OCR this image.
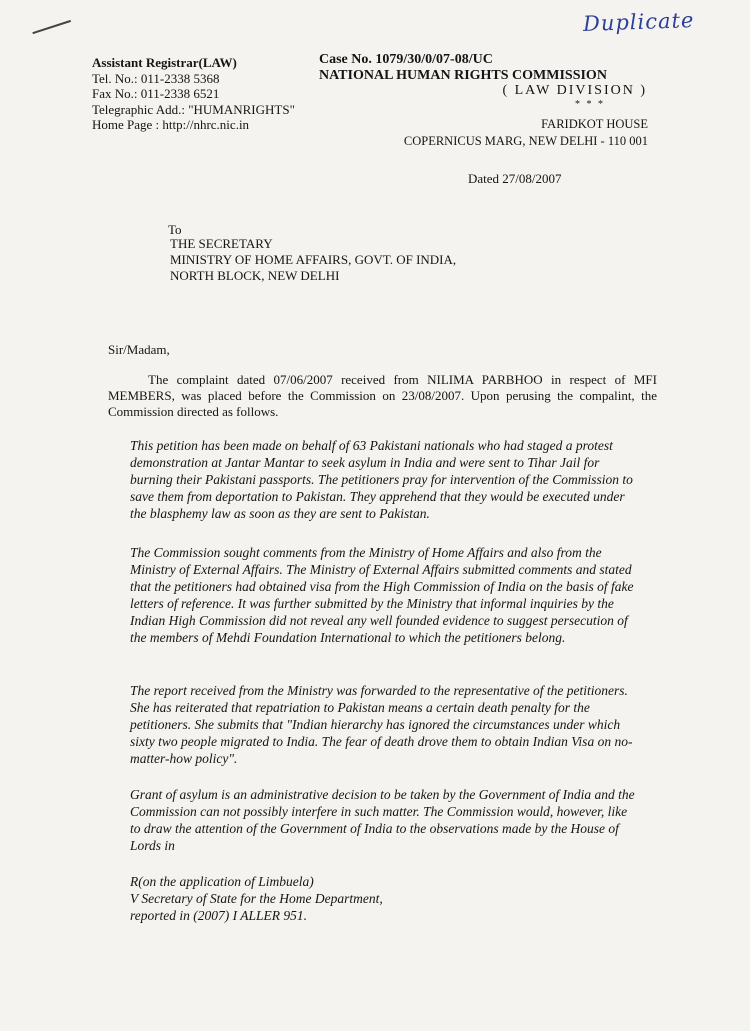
Duplicate
Assistant Registrar(LAW)
Tel. No.: 011-2338 5368
Fax No.: 011-2338 6521
Telegraphic Add.: "HUMANRIGHTS"
Home Page : http://nhrc.nic.in
Case No. 1079/30/0/07-08/UC
NATIONAL HUMAN RIGHTS COMMISSION
( LAW DIVISION )
* * *
FARIDKOT HOUSE
COPERNICUS MARG, NEW DELHI - 110 001
Dated 27/08/2007
To
THE SECRETARY
MINISTRY OF HOME AFFAIRS, GOVT. OF INDIA,
NORTH BLOCK, NEW DELHI
Sir/Madam,
The complaint dated 07/06/2007 received from NILIMA PARBHOO in respect of MFI MEMBERS, was placed before the Commission on 23/08/2007. Upon perusing the compalint, the Commission directed as follows.
This petition has been made on behalf of 63 Pakistani nationals who had staged a protest demonstration at Jantar Mantar to seek asylum in India and were sent to Tihar Jail for burning their Pakistani passports. The petitioners pray for intervention of the Commission to save them from deportation to Pakistan. They apprehend that they would be executed under the blasphemy law as soon as they are sent to Pakistan.
The Commission sought comments from the Ministry of Home Affairs and also from the Ministry of External Affairs. The Ministry of External Affairs submitted comments and stated that the petitioners had obtained visa from the High Commission of India on the basis of fake letters of reference. It was further submitted by the Ministry that informal inquiries by the Indian High Commission did not reveal any well founded evidence to suggest persecution of the members of Mehdi Foundation International to which the petitioners belong.
The report received from the Ministry was forwarded to the representative of the petitioners. She has reiterated that repatriation to Pakistan means a certain death penalty for the petitioners. She submits that "Indian hierarchy has ignored the circumstances under which sixty two people migrated to India. The fear of death drove them to obtain Indian Visa on no-matter-how policy".
Grant of asylum is an administrative decision to be taken by the Government of India and the Commission can not possibly interfere in such matter. The Commission would, however, like to draw the attention of the Government of India to the observations made by the House of Lords in
R(on the application of Limbuela)
V Secretary of State for the Home Department,
reported in (2007) I ALLER 951.
